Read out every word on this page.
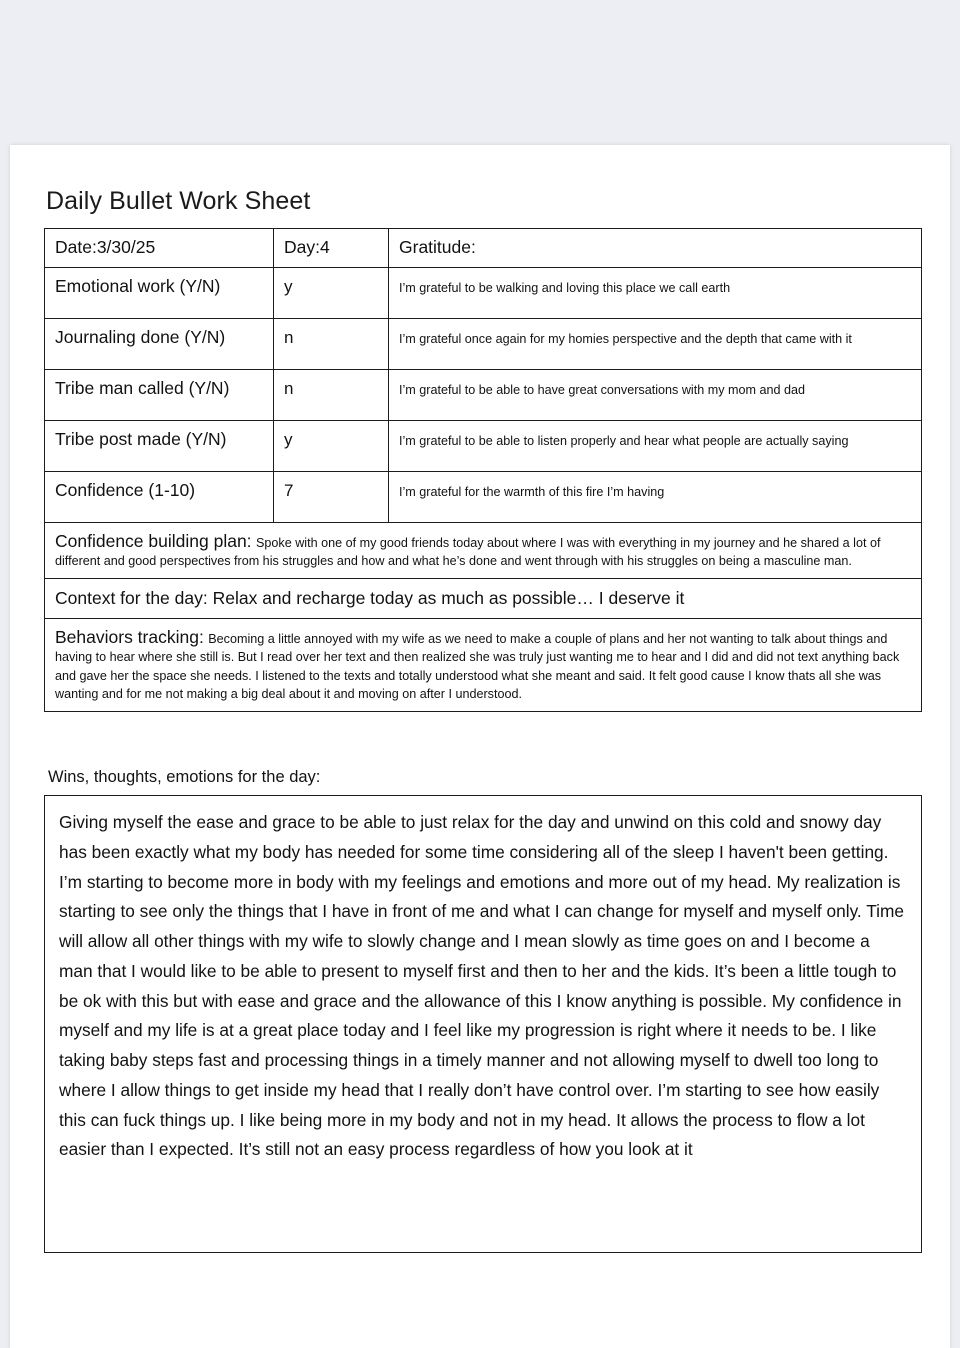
Daily Bullet Work Sheet
Date:3/30/25	Day:4	Gratitude:

Emotional work (Y/N)	y	I’m grateful to be walking and loving this place we call earth

Journaling done (Y/N)	n	I’m grateful once again for my homies perspective and the depth that came with it

Tribe man called (Y/N)	n	I’m grateful to be able to have great conversations with my mom and dad

Tribe post made (Y/N)	y	I’m grateful to be able to listen properly and hear what people are actually saying

Confidence (1-10)	7	I’m grateful for the warmth of this fire I’m having

Confidence building plan: Spoke with one of my good friends today about where I was with everything in my journey and he shared a lot of different and good perspectives from his struggles and how and what he’s done and went through with his struggles on being a masculine man.		
Context for the day: Relax and recharge today as much as possible… I deserve it		
Behaviors tracking: Becoming a little annoyed with my wife as we need to make a couple of plans and her not wanting to talk about things and having to hear where she still is. But I read over her text and then realized she was truly just wanting me to hear and I did and did not text anything back and gave her the space she needs. I listened to the texts and totally understood what she meant and said. It felt good cause I know thats all she was wanting and for me not making a big deal about it and moving on after I understood.		
Wins, thoughts, emotions for the day:

Giving myself the ease and grace to be able to just relax for the day and unwind on this cold and snowy day has been exactly what my body has needed for some time considering all of the sleep I haven't been getting. I’m starting to become more in body with my feelings and emotions and more out of my head. My realization is starting to see only the things that I have in front of me and what I can change for myself and myself only. Time will allow all other things with my wife to slowly change and I mean slowly as time goes on and I become a man that I would like to be able to present to myself first and then to her and the kids. It’s been a little tough to be ok with this but with ease and grace and the allowance of this I know anything is possible. My confidence in myself and my life is at a great place today and I feel like my progression is right where it needs to be. I like taking baby steps fast and processing things in a timely manner and not allowing myself to dwell too long to where I allow things to get inside my head that I really don’t have control over. I’m starting to see how easily this can fuck things up. I like being more in my body and not in my head. It allows the process to flow a lot easier than I expected. It’s still not an easy process regardless of how you look at it
